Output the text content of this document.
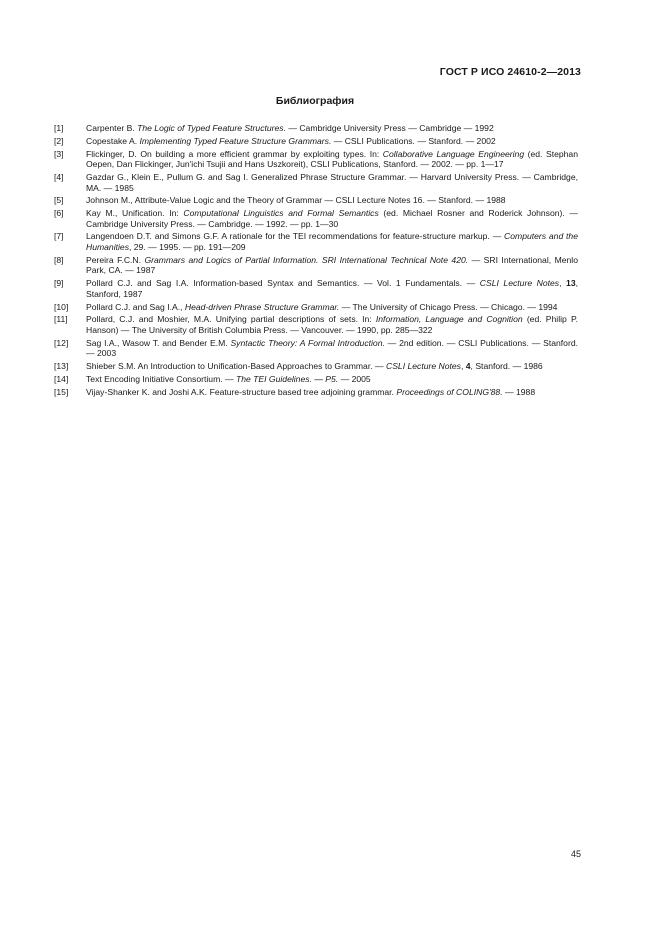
ГОСТ Р ИСО 24610-2—2013
Библиография
[1]	Carpenter B. The Logic of Typed Feature Structures. — Cambridge University Press — Cambridge — 1992
[2]	Copestake A. Implementing Typed Feature Structure Grammars. — CSLI Publications. — Stanford. — 2002
[3]	Flickinger, D. On building a more efficient grammar by exploiting types. In: Collaborative Language Engineering (ed. Stephan Oepen, Dan Flickinger, Jun'ichi Tsujii and Hans Uszkoreit), CSLI Publications, Stanford. — 2002. — pp. 1—17
[4]	Gazdar G., Klein E., Pullum G. and Sag I. Generalized Phrase Structure Grammar. — Harvard University Press. — Cambridge, MA. — 1985
[5]	Johnson M., Attribute-Value Logic and the Theory of Grammar — CSLI Lecture Notes 16. — Stanford. — 1988
[6]	Kay M., Unification. In: Computational Linguistics and Formal Semantics (ed. Michael Rosner and Roderick Johnson). — Cambridge University Press. — Cambridge. — 1992. — pp. 1—30
[7]	Langendoen D.T. and Simons G.F. A rationale for the TEI recommendations for feature-structure markup. — Computers and the Humanities, 29. — 1995. — pp. 191—209
[8]	Pereira F.C.N. Grammars and Logics of Partial Information. SRI International Technical Note 420. — SRI International, Menlo Park, CA. — 1987
[9]	Pollard C.J. and Sag I.A. Information-based Syntax and Semantics. — Vol. 1 Fundamentals. — CSLI Lecture Notes, 13, Stanford, 1987
[10]	Pollard C.J. and Sag I.A., Head-driven Phrase Structure Grammar. — The University of Chicago Press. — Chicago. — 1994
[11]	Pollard, C.J. and Moshier, M.A. Unifying partial descriptions of sets. In: Information, Language and Cognition (ed. Philip P. Hanson) — The University of British Columbia Press. — Vancouver. — 1990, pp. 285—322
[12]	Sag I.A., Wasow T. and Bender E.M. Syntactic Theory: A Formal Introduction. — 2nd edition. — CSLI Publications. — Stanford. — 2003
[13]	Shieber S.M. An Introduction to Unification-Based Approaches to Grammar. — CSLI Lecture Notes, 4, Stanford. — 1986
[14]	Text Encoding Initiative Consortium. — The TEI Guidelines. — P5. — 2005
[15]	Vijay-Shanker K. and Joshi A.K. Feature-structure based tree adjoining grammar. Proceedings of COLING'88. — 1988
45
